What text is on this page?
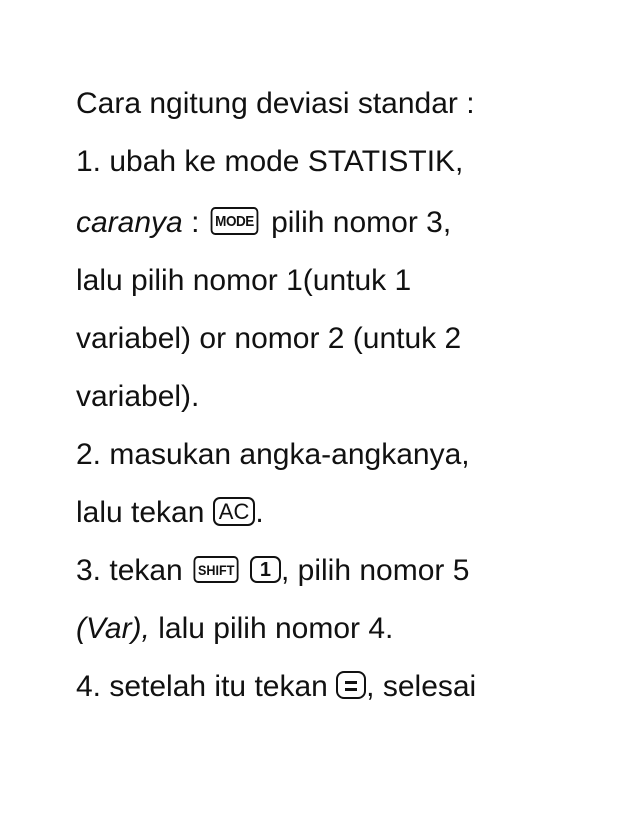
Cara ngitung deviasi standar :

1. ubah ke mode STATISTIK,

caranya : MODE pilih nomor 3,

lalu pilih nomor 1(untuk 1

variabel) or nomor 2 (untuk 2

variabel).

2. masukan angka-angkanya,

lalu tekan AC .

3. tekan SHIFT 1 , pilih nomor 5

(Var), lalu pilih nomor 4.

4. setelah itu tekan
, selesai
